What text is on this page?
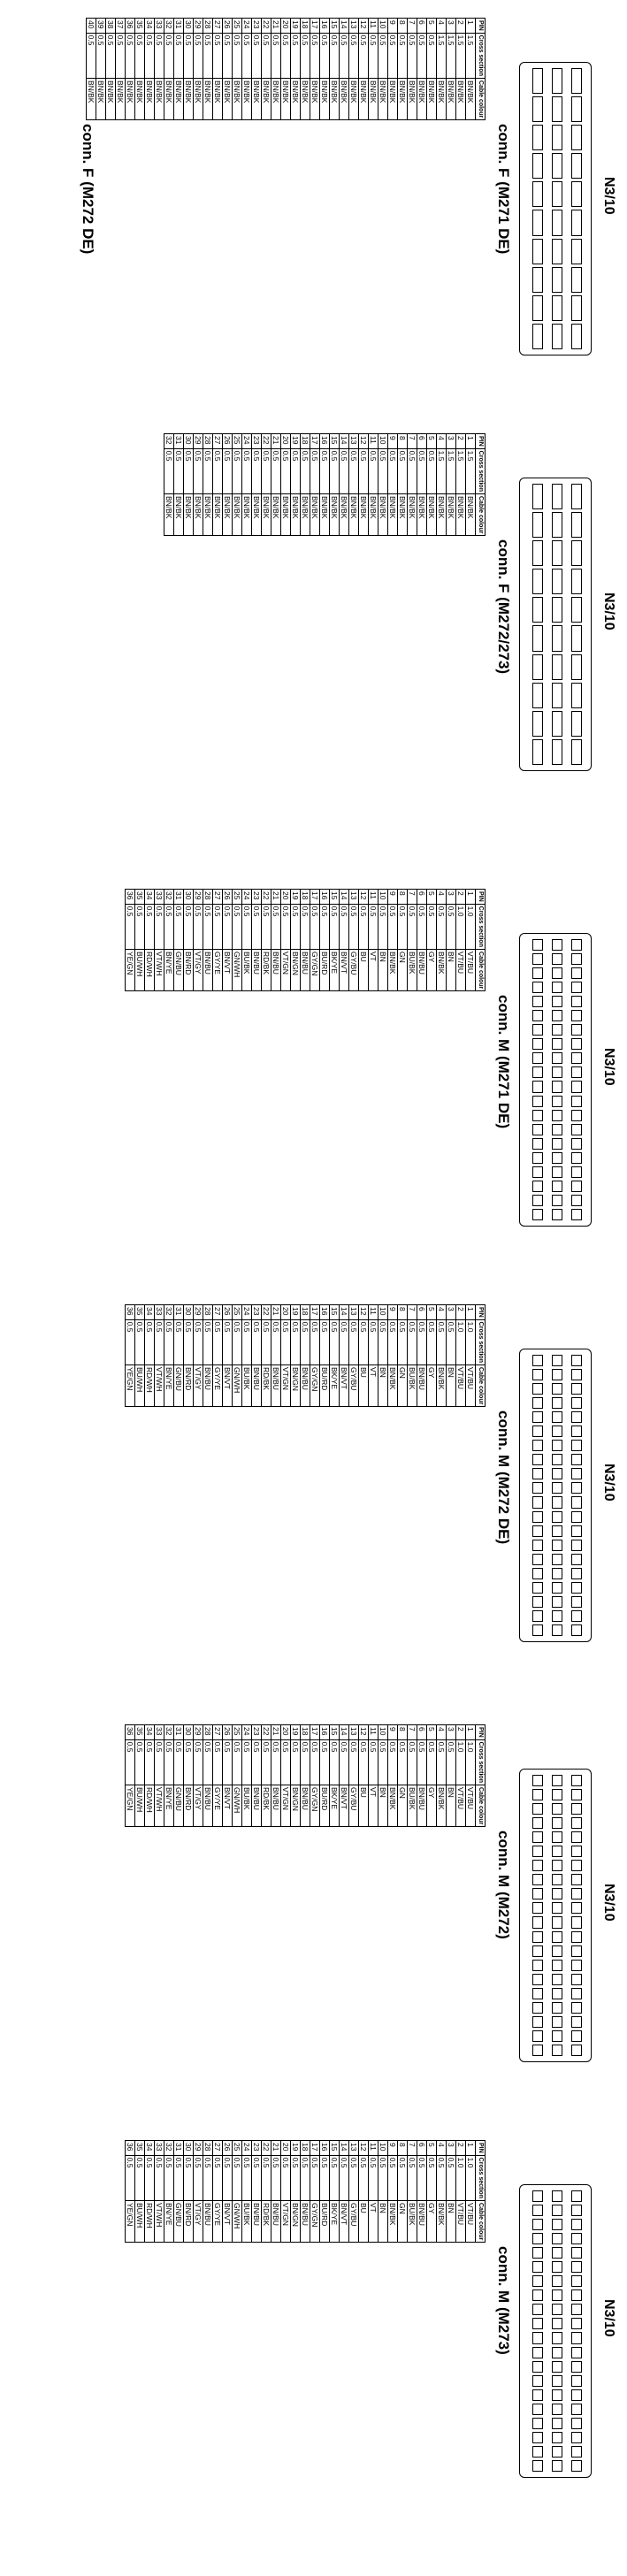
N3/10
conn. F (M271 DE)
PIN	Cross section	Cable colour
1	1.5	BN/BK
2	1.5	BN/BK
3	1.5	BN/BK
4	1.5	BN/BK
5	0.5	BN/BK
6	0.5	BN/BK
7	0.5	BN/BK
8	0.5	BN/BK
9	0.5	BN/BK
10	0.5	BN/BK
11	0.5	BN/BK
12	0.5	BN/BK
13	0.5	BN/BK
14	0.5	BN/BK
15	0.5	BN/BK
16	0.5	BN/BK
17	0.5	BN/BK
18	0.5	BN/BK
19	0.5	BN/BK
20	0.5	BN/BK
21	0.5	BN/BK
22	0.5	BN/BK
23	0.5	BN/BK
24	0.5	BN/BK
25	0.5	BN/BK
26	0.5	BN/BK
27	0.5	BN/BK
28	0.5	BN/BK
29	0.5	BN/BK
30	0.5	BN/BK
31	0.5	BN/BK
32	0.5	BN/BK
33	0.5	BN/BK
34	0.5	BN/BK
35	0.5	BN/BK
36	0.5	BN/BK
37	0.5	BN/BK
38	0.5	BN/BK
39	0.5	BN/BK
40	0.5	BN/BK
conn. F (M272 DE)
N3/10
conn. F (M272/273)
PIN	Cross section	Cable colour
1	1.5	BN/BK
2	1.5	BN/BK
3	1.5	BN/BK
4	1.5	BN/BK
5	0.5	BN/BK
6	0.5	BN/BK
7	0.5	BN/BK
8	0.5	BN/BK
9	0.5	BN/BK
10	0.5	BN/BK
11	0.5	BN/BK
12	0.5	BN/BK
13	0.5	BN/BK
14	0.5	BN/BK
15	0.5	BN/BK
16	0.5	BN/BK
17	0.5	BN/BK
18	0.5	BN/BK
19	0.5	BN/BK
20	0.5	BN/BK
21	0.5	BN/BK
22	0.5	BN/BK
23	0.5	BN/BK
24	0.5	BN/BK
25	0.5	BN/BK
26	0.5	BN/BK
27	0.5	BN/BK
28	0.5	BN/BK
29	0.5	BN/BK
30	0.5	BN/BK
31	0.5	BN/BK
32	0.5	BN/BK
N3/10
conn. M (M271 DE)
PIN	Cross section	Cable colour
1	1.0	VT/BU
2	1.0	VT/BU
3	0.5	BN
4	0.5	BN/BK
5	0.5	GY
6	0.5	BN/BU
7	0.5	BU/BK
8	0.5	GN
9	0.5	BN/BK
10	0.5	BN
11	0.5	VT
12	0.5	BU
13	0.5	GY/BU
14	0.5	BN/VT
15	0.5	BK/YE
16	0.5	BU/RD
17	0.5	GY/GN
18	0.5	BN/BU
19	0.5	BN/GN
20	0.5	VT/GN
21	0.5	BN/BU
22	0.5	RD/BK
23	0.5	BN/BU
24	0.5	BU/BK
25	0.5	GN/WH
26	0.5	BN/VT
27	0.5	GY/YE
28	0.5	BN/BU
29	0.5	VT/GY
30	0.5	BN/RD
31	0.5	GN/BU
32	0.5	BN/YE
33	0.5	VT/WH
34	0.5	RD/WH
35	0.5	BU/WH
36	0.5	YE/GN
N3/10
conn. M (M272 DE)
PIN	Cross section	Cable colour
1	1.0	VT/BU
2	1.0	VT/BU
3	0.5	BN
4	0.5	BN/BK
5	0.5	GY
6	0.5	BN/BU
7	0.5	BU/BK
8	0.5	GN
9	0.5	BN/BK
10	0.5	BN
11	0.5	VT
12	0.5	BU
13	0.5	GY/BU
14	0.5	BN/VT
15	0.5	BK/YE
16	0.5	BU/RD
17	0.5	GY/GN
18	0.5	BN/BU
19	0.5	BN/GN
20	0.5	VT/GN
21	0.5	BN/BU
22	0.5	RD/BK
23	0.5	BN/BU
24	0.5	BU/BK
25	0.5	GN/WH
26	0.5	BN/VT
27	0.5	GY/YE
28	0.5	BN/BU
29	0.5	VT/GY
30	0.5	BN/RD
31	0.5	GN/BU
32	0.5	BN/YE
33	0.5	VT/WH
34	0.5	RD/WH
35	0.5	BU/WH
36	0.5	YE/GN
N3/10
conn. M (M272)
PIN	Cross section	Cable colour
1	1.0	VT/BU
2	1.0	VT/BU
3	0.5	BN
4	0.5	BN/BK
5	0.5	GY
6	0.5	BN/BU
7	0.5	BU/BK
8	0.5	GN
9	0.5	BN/BK
10	0.5	BN
11	0.5	VT
12	0.5	BU
13	0.5	GY/BU
14	0.5	BN/VT
15	0.5	BK/YE
16	0.5	BU/RD
17	0.5	GY/GN
18	0.5	BN/BU
19	0.5	BN/GN
20	0.5	VT/GN
21	0.5	BN/BU
22	0.5	RD/BK
23	0.5	BN/BU
24	0.5	BU/BK
25	0.5	GN/WH
26	0.5	BN/VT
27	0.5	GY/YE
28	0.5	BN/BU
29	0.5	VT/GY
30	0.5	BN/RD
31	0.5	GN/BU
32	0.5	BN/YE
33	0.5	VT/WH
34	0.5	RD/WH
35	0.5	BU/WH
36	0.5	YE/GN
N3/10
conn. M (M273)
PIN	Cross section	Cable colour
1	1.0	VT/BU
2	1.0	VT/BU
3	0.5	BN
4	0.5	BN/BK
5	0.5	GY
6	0.5	BN/BU
7	0.5	BU/BK
8	0.5	GN
9	0.5	BN/BK
10	0.5	BN
11	0.5	VT
12	0.5	BU
13	0.5	GY/BU
14	0.5	BN/VT
15	0.5	BK/YE
16	0.5	BU/RD
17	0.5	GY/GN
18	0.5	BN/BU
19	0.5	BN/GN
20	0.5	VT/GN
21	0.5	BN/BU
22	0.5	RD/BK
23	0.5	BN/BU
24	0.5	BU/BK
25	0.5	GN/WH
26	0.5	BN/VT
27	0.5	GY/YE
28	0.5	BN/BU
29	0.5	VT/GY
30	0.5	BN/RD
31	0.5	GN/BU
32	0.5	BN/YE
33	0.5	VT/WH
34	0.5	RD/WH
35	0.5	BU/WH
36	0.5	YE/GN
